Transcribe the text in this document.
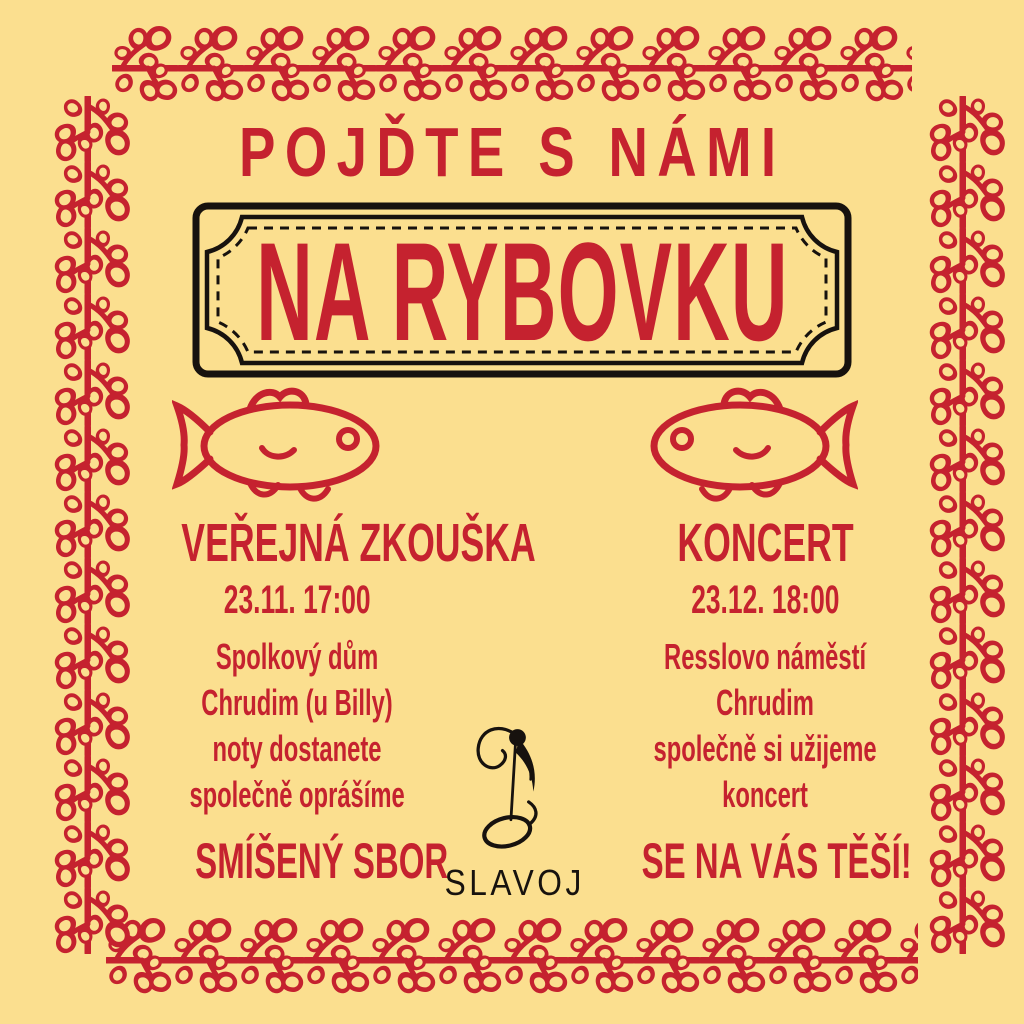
POJĎTE S NÁMI
NA RYBOVKU
VEŘEJNÁ ZKOUŠKA
23.11. 17:00
Spolkový dům
Chrudim (u Billy)
noty dostanete
společně oprášíme
KONCERT
23.12. 18:00
Resslovo náměstí
Chrudim
společně si užijeme
koncert
SMÍŠENÝ SBOR
SLAVOJ	SE NA VÁS TĚŠÍ!
